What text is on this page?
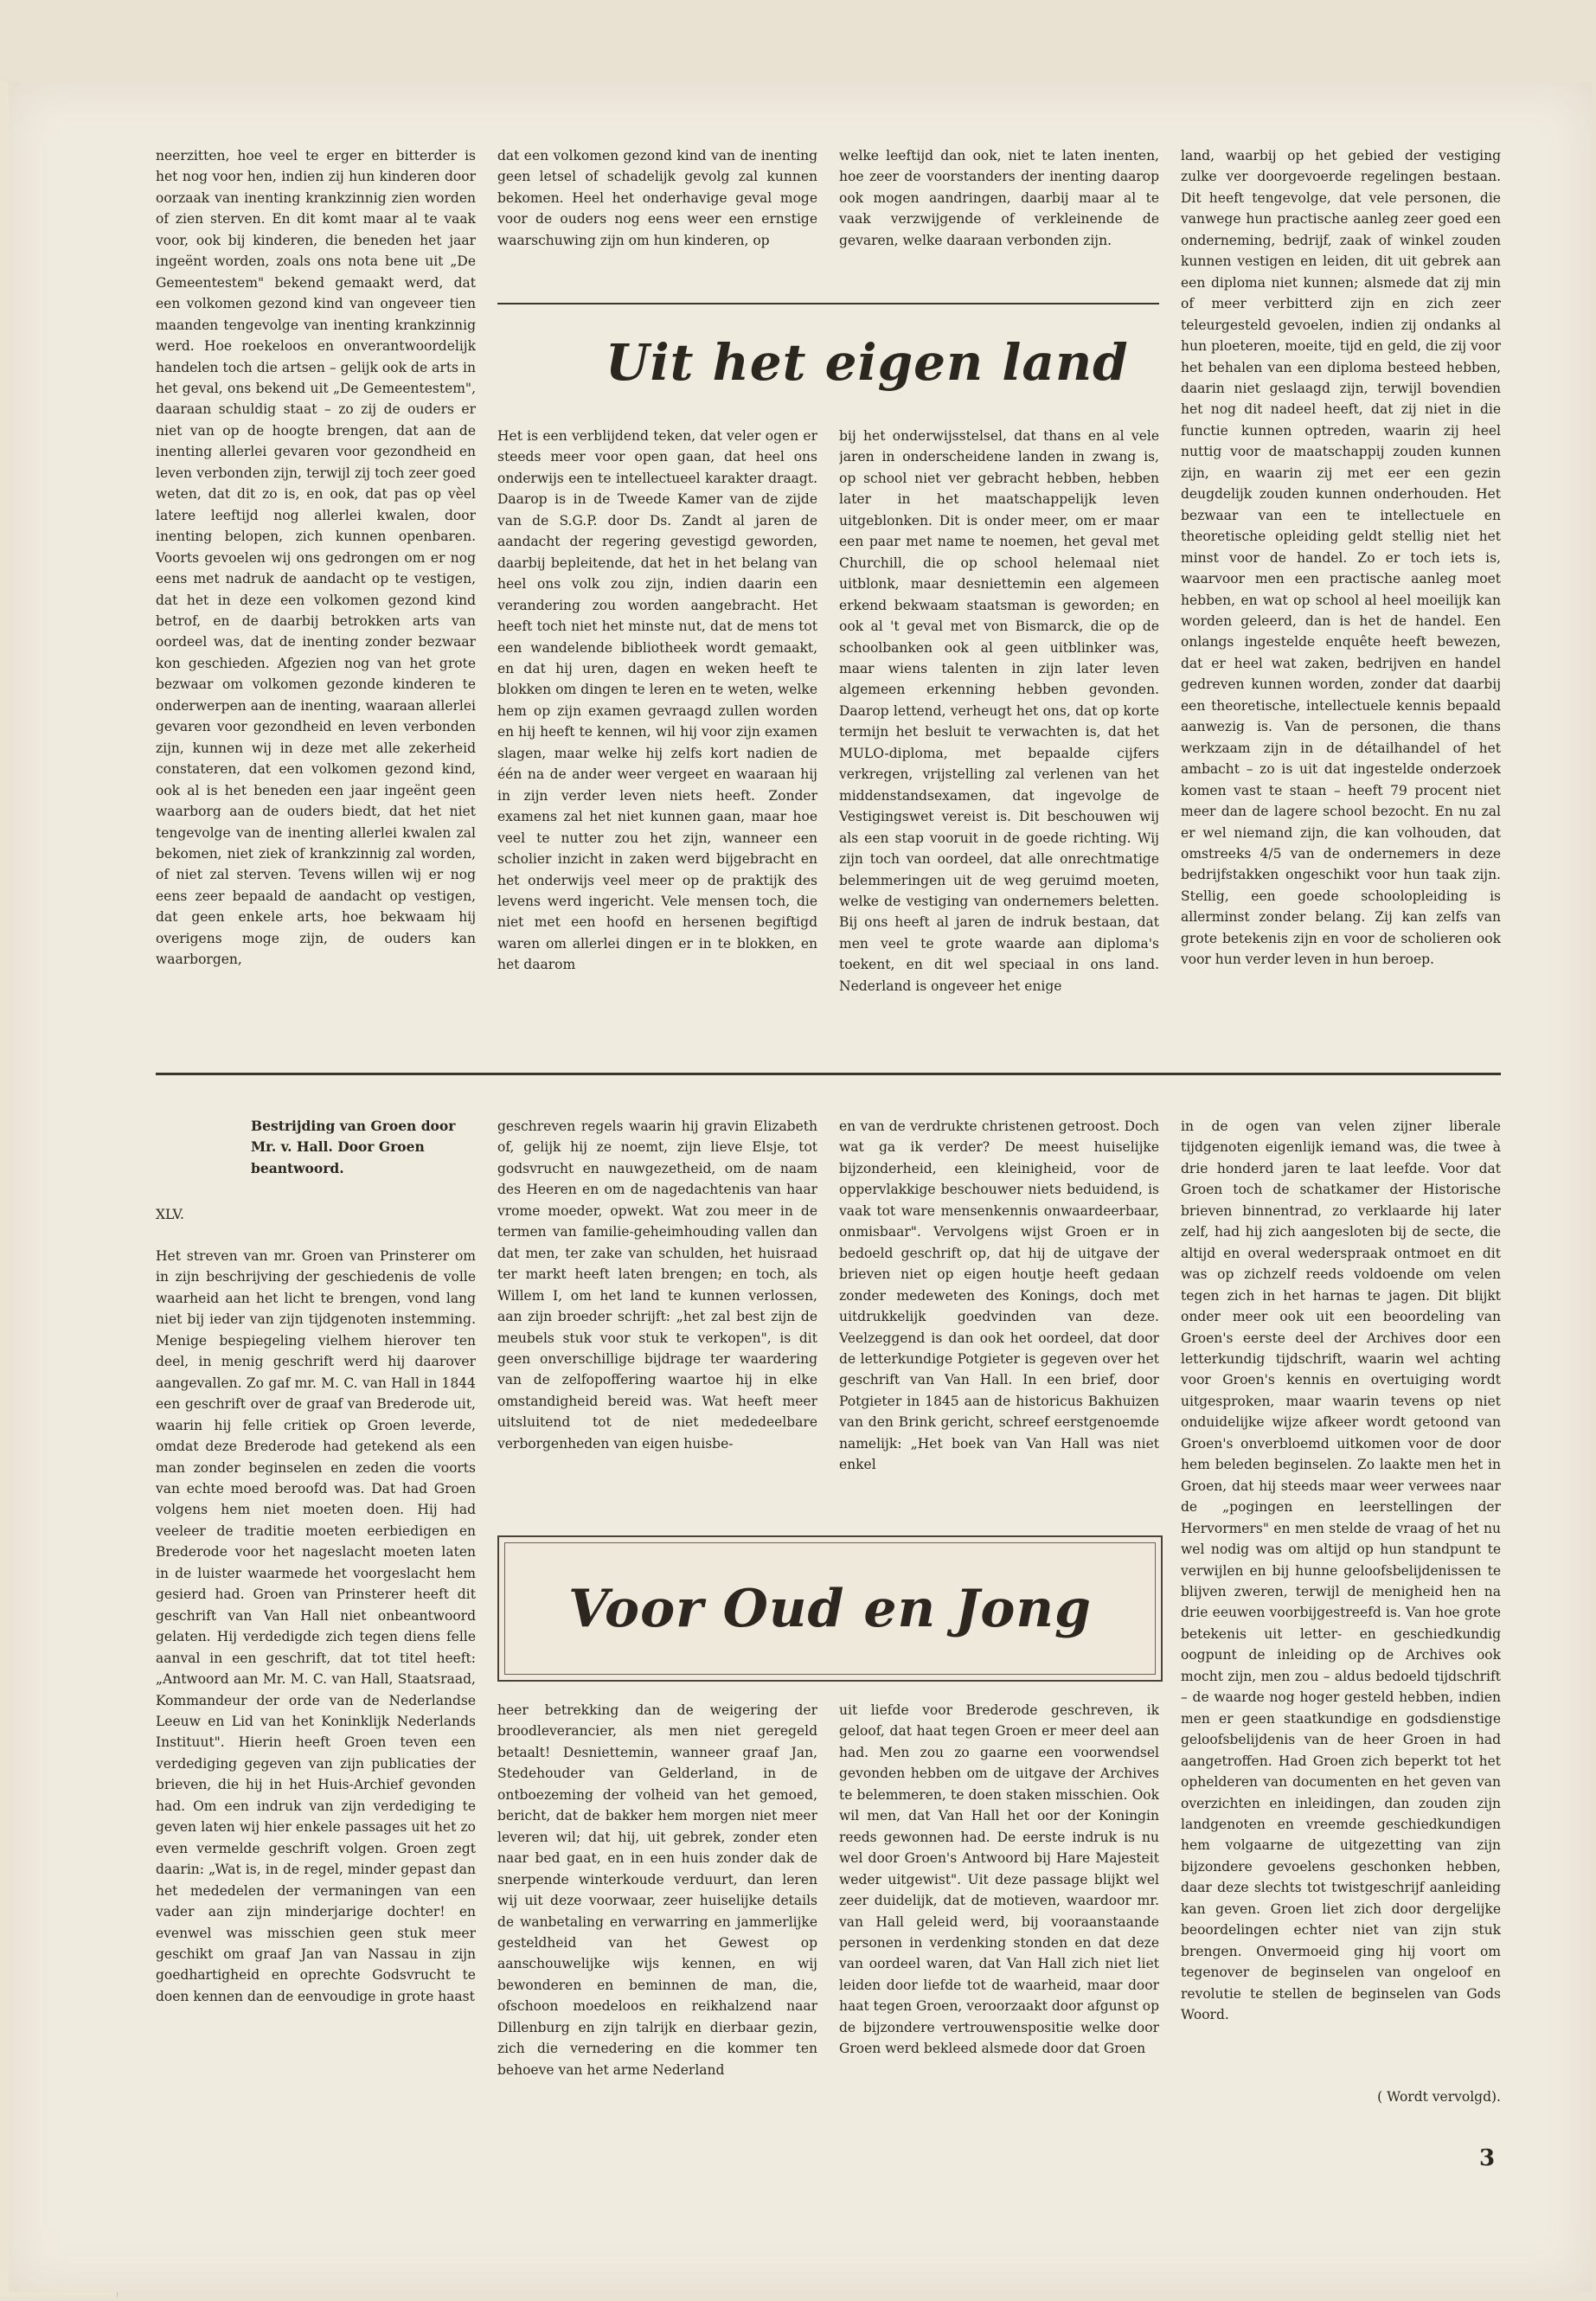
neerzitten, hoe veel te erger en bitterder is het nog voor hen, indien zij hun kinderen door oorzaak van inenting krankzinnig zien worden of zien sterven. En dit komt maar al te vaak voor, ook bij kinderen, die beneden het jaar ingeënt worden, zoals ons nota bene uit „De Gemeentestem" bekend gemaakt werd, dat een volkomen gezond kind van ongeveer tien maanden tengevolge van inenting krankzinnig werd. Hoe roekeloos en onverantwoordelijk handelen toch die artsen – gelijk ook de arts in het geval, ons bekend uit „De Gemeentestem", daaraan schuldig staat – zo zij de ouders er niet van op de hoogte brengen, dat aan de inenting allerlei gevaren voor gezondheid en leven verbonden zijn, terwijl zij toch zeer goed weten, dat dit zo is, en ook, dat pas op vèel latere leeftijd nog allerlei kwalen, door inenting belopen, zich kunnen openbaren. Voorts gevoelen wij ons gedrongen om er nog eens met nadruk de aandacht op te vestigen, dat het in deze een volkomen gezond kind betrof, en de daarbij betrokken arts van oordeel was, dat de inenting zonder bezwaar kon geschieden. Afgezien nog van het grote bezwaar om volkomen gezonde kinderen te onderwerpen aan de inenting, waaraan allerlei gevaren voor gezondheid en leven verbonden zijn, kunnen wij in deze met alle zekerheid constateren, dat een volkomen gezond kind, ook al is het beneden een jaar ingeënt geen waarborg aan de ouders biedt, dat het niet tengevolge van de inenting allerlei kwalen zal bekomen, niet ziek of krankzinnig zal worden, of niet zal sterven. Tevens willen wij er nog eens zeer bepaald de aandacht op vestigen, dat geen enkele arts, hoe bekwaam hij overigens moge zijn, de ouders kan waarborgen,

dat een volkomen gezond kind van de inenting geen letsel of schadelijk gevolg zal kunnen bekomen. Heel het onderhavige geval moge voor de ouders nog eens weer een ernstige waarschuwing zijn om hun kinderen, op

welke leeftijd dan ook, niet te laten inenten, hoe zeer de voorstanders der inenting daarop ook mogen aandringen, daarbij maar al te vaak verzwijgende of verkleinende de gevaren, welke daaraan verbonden zijn.

land, waarbij op het gebied der vestiging zulke ver doorgevoerde regelingen bestaan. Dit heeft tengevolge, dat vele personen, die vanwege hun practische aanleg zeer goed een onderneming, bedrijf, zaak of winkel zouden kunnen vestigen en leiden, dit uit gebrek aan een diploma niet kunnen; alsmede dat zij min of meer verbitterd zijn en zich zeer teleurgesteld gevoelen, indien zij ondanks al hun ploeteren, moeite, tijd en geld, die zij voor het behalen van een diploma besteed hebben, daarin niet geslaagd zijn, terwijl bovendien het nog dit nadeel heeft, dat zij niet in die functie kunnen optreden, waarin zij heel nuttig voor de maatschappij zouden kunnen zijn, en waarin zij met eer een gezin deugdelijk zouden kunnen onderhouden. Het bezwaar van een te intellectuele en theoretische opleiding geldt stellig niet het minst voor de handel. Zo er toch iets is, waarvoor men een practische aanleg moet hebben, en wat op school al heel moeilijk kan worden geleerd, dan is het de handel. Een onlangs ingestelde enquête heeft bewezen, dat er heel wat zaken, bedrijven en handel gedreven kunnen worden, zonder dat daarbij een theoretische, intellectuele kennis bepaald aanwezig is. Van de personen, die thans werkzaam zijn in de détailhandel of het ambacht – zo is uit dat ingestelde onderzoek komen vast te staan – heeft 79 procent niet meer dan de lagere school bezocht. En nu zal er wel niemand zijn, die kan volhouden, dat omstreeks 4/5 van de ondernemers in deze bedrijfstakken ongeschikt voor hun taak zijn. Stellig, een goede schoolopleiding is allerminst zonder belang. Zij kan zelfs van grote betekenis zijn en voor de scholieren ook voor hun verder leven in hun beroep.

Uit het eigen land

Het is een verblijdend teken, dat veler ogen er steeds meer voor open gaan, dat heel ons onderwijs een te intellectueel karakter draagt. Daarop is in de Tweede Kamer van de zijde van de S.G.P. door Ds. Zandt al jaren de aandacht der regering gevestigd geworden, daarbij bepleitende, dat het in het belang van heel ons volk zou zijn, indien daarin een verandering zou worden aangebracht. Het heeft toch niet het minste nut, dat de mens tot een wandelende bibliotheek wordt gemaakt, en dat hij uren, dagen en weken heeft te blokken om dingen te leren en te weten, welke hem op zijn examen gevraagd zullen worden en hij heeft te kennen, wil hij voor zijn examen slagen, maar welke hij zelfs kort nadien de één na de ander weer vergeet en waaraan hij in zijn verder leven niets heeft. Zonder examens zal het niet kunnen gaan, maar hoe veel te nutter zou het zijn, wanneer een scholier inzicht in zaken werd bijgebracht en het onderwijs veel meer op de praktijk des levens werd ingericht. Vele mensen toch, die niet met een hoofd en hersenen begiftigd waren om allerlei dingen er in te blokken, en het daarom

bij het onderwijsstelsel, dat thans en al vele jaren in onderscheidene landen in zwang is, op school niet ver gebracht hebben, hebben later in het maatschappelijk leven uitgeblonken. Dit is onder meer, om er maar een paar met name te noemen, het geval met Churchill, die op school helemaal niet uitblonk, maar desniettemin een algemeen erkend bekwaam staatsman is geworden; en ook al 't geval met von Bismarck, die op de schoolbanken ook al geen uitblinker was, maar wiens talenten in zijn later leven algemeen erkenning hebben gevonden. Daarop lettend, verheugt het ons, dat op korte termijn het besluit te verwachten is, dat het MULO-diploma, met bepaalde cijfers verkregen, vrijstelling zal verlenen van het middenstandsexamen, dat ingevolge de Vestigingswet vereist is. Dit beschouwen wij als een stap vooruit in de goede richting. Wij zijn toch van oordeel, dat alle onrechtmatige belemmeringen uit de weg geruimd moeten, welke de vestiging van ondernemers beletten. Bij ons heeft al jaren de indruk bestaan, dat men veel te grote waarde aan diploma's toekent, en dit wel speciaal in ons land. Nederland is ongeveer het enige

Bestrijding van Groen door
Mr. v. Hall. Door Groen
beantwoord.
XLV.

Het streven van mr. Groen van Prinsterer om in zijn beschrijving der geschiedenis de volle waarheid aan het licht te brengen, vond lang niet bij ieder van zijn tijdgenoten instemming. Menige bespiegeling vielhem hierover ten deel, in menig geschrift werd hij daarover aangevallen. Zo gaf mr. M. C. van Hall in 1844 een geschrift over de graaf van Brederode uit, waarin hij felle critiek op Groen leverde, omdat deze Brederode had getekend als een man zonder beginselen en zeden die voorts van echte moed beroofd was. Dat had Groen volgens hem niet moeten doen. Hij had veeleer de traditie moeten eerbiedigen en Brederode voor het nageslacht moeten laten in de luister waarmede het voorgeslacht hem gesierd had. Groen van Prinsterer heeft dit geschrift van Van Hall niet onbeantwoord gelaten. Hij verdedigde zich tegen diens felle aanval in een geschrift, dat tot titel heeft: „Antwoord aan Mr. M. C. van Hall, Staatsraad, Kommandeur der orde van de Nederlandse Leeuw en Lid van het Koninklijk Nederlands Instituut". Hierin heeft Groen teven een verdediging gegeven van zijn publicaties der brieven, die hij in het Huis-Archief gevonden had. Om een indruk van zijn verdediging te geven laten wij hier enkele passages uit het zo even vermelde geschrift volgen. Groen zegt daarin: „Wat is, in de regel, minder gepast dan het mededelen der vermaningen van een vader aan zijn minderjarige dochter! en evenwel was misschien geen stuk meer geschikt om graaf Jan van Nassau in zijn goedhartigheid en oprechte Godsvrucht te doen kennen dan de eenvoudige in grote haast

geschreven regels waarin hij gravin Elizabeth of, gelijk hij ze noemt, zijn lieve Elsje, tot godsvrucht en nauwgezetheid, om de naam des Heeren en om de nagedachtenis van haar vrome moeder, opwekt. Wat zou meer in de termen van familie-geheimhouding vallen dan dat men, ter zake van schulden, het huisraad ter markt heeft laten brengen; en toch, als Willem I, om het land te kunnen verlossen, aan zijn broeder schrijft: „het zal best zijn de meubels stuk voor stuk te verkopen", is dit geen onverschillige bijdrage ter waardering van de zelfopoffering waartoe hij in elke omstandigheid bereid was. Wat heeft meer uitsluitend tot de niet mededeelbare verborgenheden van eigen huisbe-

en van de verdrukte christenen getroost. Doch wat ga ik verder? De meest huiselijke bijzonderheid, een kleinigheid, voor de oppervlakkige beschouwer niets beduidend, is vaak tot ware mensenkennis onwaardeerbaar, onmisbaar". Vervolgens wijst Groen er in bedoeld geschrift op, dat hij de uitgave der brieven niet op eigen houtje heeft gedaan zonder medeweten des Konings, doch met uitdrukkelijk goedvinden van deze. Veelzeggend is dan ook het oordeel, dat door de letterkundige Potgieter is gegeven over het geschrift van Van Hall. In een brief, door Potgieter in 1845 aan de historicus Bakhuizen van den Brink gericht, schreef eerstgenoemde namelijk: „Het boek van Van Hall was niet enkel

in de ogen van velen zijner liberale tijdgenoten eigenlijk iemand was, die twee à drie honderd jaren te laat leefde. Voor dat Groen toch de schatkamer der Historische brieven binnentrad, zo verklaarde hij later zelf, had hij zich aangesloten bij de secte, die altijd en overal wederspraak ontmoet en dit was op zichzelf reeds voldoende om velen tegen zich in het harnas te jagen. Dit blijkt onder meer ook uit een beoordeling van Groen's eerste deel der Archives door een letterkundig tijdschrift, waarin wel achting voor Groen's kennis en overtuiging wordt uitgesproken, maar waarin tevens op niet onduidelijke wijze afkeer wordt getoond van Groen's onverbloemd uitkomen voor de door hem beleden beginselen. Zo laakte men het in Groen, dat hij steeds maar weer verwees naar de „pogingen en leerstellingen der Hervormers" en men stelde de vraag of het nu wel nodig was om altijd op hun standpunt te verwijlen en bij hunne geloofsbelijdenissen te blijven zweren, terwijl de menigheid hen na drie eeuwen voorbijgestreefd is. Van hoe grote betekenis uit letter- en geschiedkundig oogpunt de inleiding op de Archives ook mocht zijn, men zou – aldus bedoeld tijdschrift – de waarde nog hoger gesteld hebben, indien men er geen staatkundige en godsdienstige geloofsbelijdenis van de heer Groen in had aangetroffen. Had Groen zich beperkt tot het ophelderen van documenten en het geven van overzichten en inleidingen, dan zouden zijn landgenoten en vreemde geschiedkundigen hem volgaarne de uitgezetting van zijn bijzondere gevoelens geschonken hebben, daar deze slechts tot twistgeschrijf aanleiding kan geven. Groen liet zich door dergelijke beoordelingen echter niet van zijn stuk brengen. Onvermoeid ging hij voort om tegenover de beginselen van ongeloof en revolutie te stellen de beginselen van Gods Woord.

( Wordt vervolgd).

Voor Oud en Jong

heer betrekking dan de weigering der broodleverancier, als men niet geregeld betaalt! Desniettemin, wanneer graaf Jan, Stedehouder van Gelderland, in de ontboezeming der volheid van het gemoed, bericht, dat de bakker hem morgen niet meer leveren wil; dat hij, uit gebrek, zonder eten naar bed gaat, en in een huis zonder dak de snerpende winterkoude verduurt, dan leren wij uit deze voorwaar, zeer huiselijke details de wanbetaling en verwarring en jammerlijke gesteldheid van het Gewest op aanschouwelijke wijs kennen, en wij bewonderen en beminnen de man, die, ofschoon moedeloos en reikhalzend naar Dillenburg en zijn talrijk en dierbaar gezin, zich die vernedering en die kommer ten behoeve van het arme Nederland

uit liefde voor Brederode geschreven, ik geloof, dat haat tegen Groen er meer deel aan had. Men zou zo gaarne een voorwendsel gevonden hebben om de uitgave der Archives te belemmeren, te doen staken misschien. Ook wil men, dat Van Hall het oor der Koningin reeds gewonnen had. De eerste indruk is nu wel door Groen's Antwoord bij Hare Majesteit weder uitgewist". Uit deze passage blijkt wel zeer duidelijk, dat de motieven, waardoor mr. van Hall geleid werd, bij vooraanstaande personen in verdenking stonden en dat deze van oordeel waren, dat Van Hall zich niet liet leiden door liefde tot de waarheid, maar door haat tegen Groen, veroorzaakt door afgunst op de bijzondere vertrouwenspositie welke door Groen werd bekleed alsmede door dat Groen

3
